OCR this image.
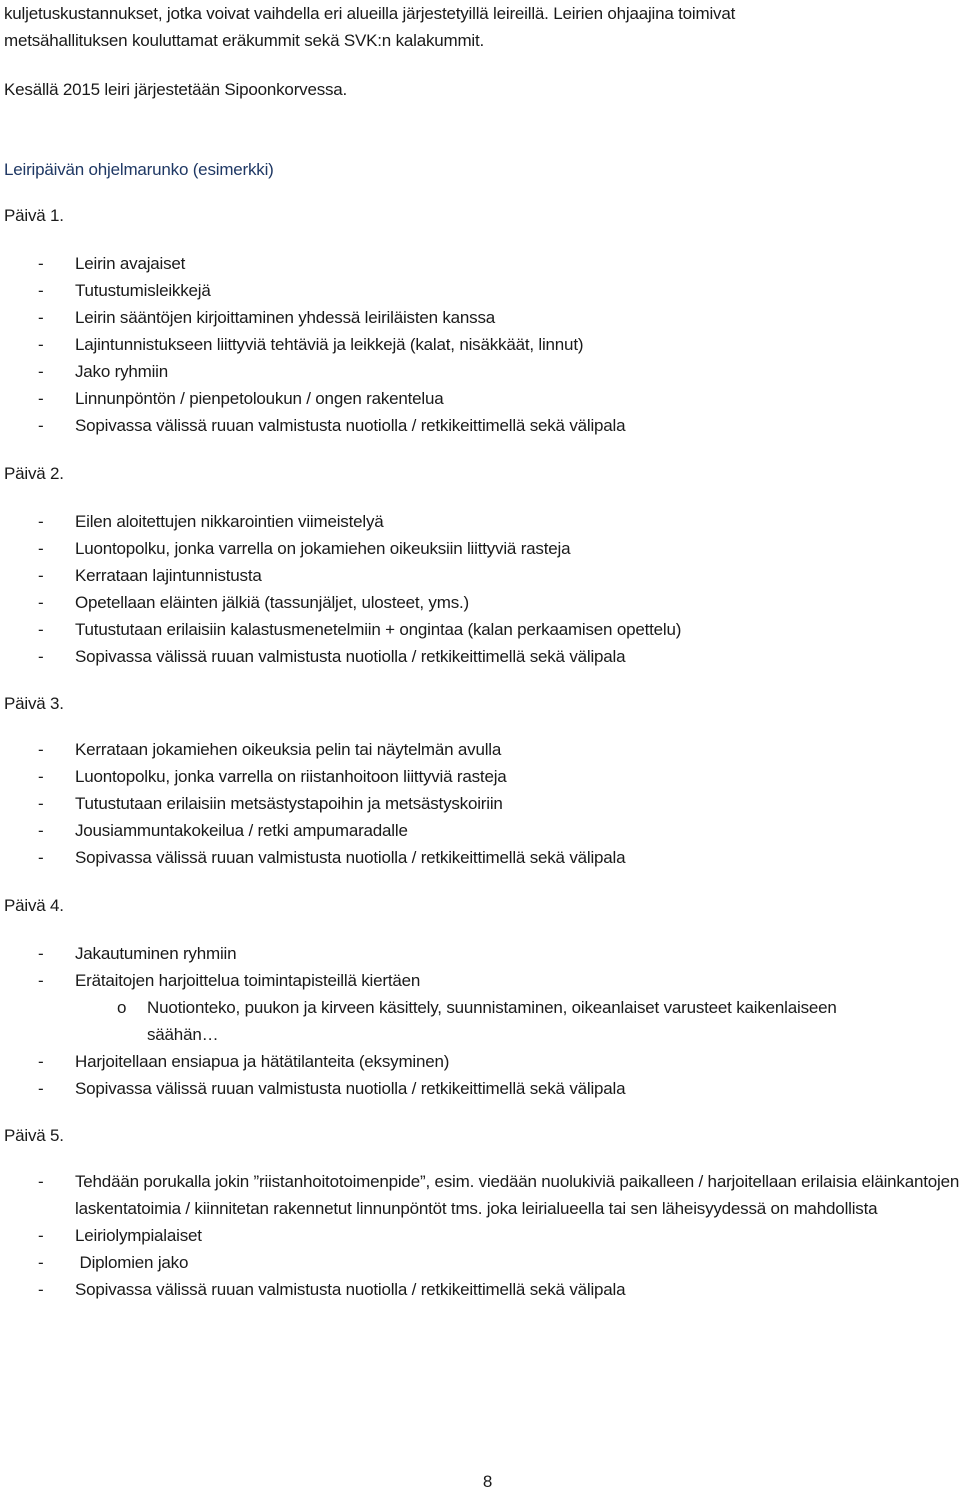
kuljetuskustannukset, jotka voivat vaihdella eri alueilla järjestetyillä leireillä. Leirien ohjaajina toimivat
metsähallituksen kouluttamat eräkummit sekä SVK:n kalakummit.
Kesällä 2015 leiri järjestetään Sipoonkorvessa.
Leiripäivän ohjelmarunko (esimerkki)
Päivä 1.
- Leirin avajaiset
- Tutustumisleikkejä
- Leirin sääntöjen kirjoittaminen yhdessä leiriläisten kanssa
- Lajintunnistukseen liittyviä tehtäviä ja leikkejä (kalat, nisäkkäät, linnut)
- Jako ryhmiin
- Linnunpöntön / pienpetoloukun / ongen rakentelua
- Sopivassa välissä ruuan valmistusta nuotiolla / retkikeittimellä sekä välipala
Päivä 2.
- Eilen aloitettujen nikkarointien viimeistelyä
- Luontopolku, jonka varrella on jokamiehen oikeuksiin liittyviä rasteja
- Kerrataan lajintunnistusta
- Opetellaan eläinten jälkiä (tassunjäljet, ulosteet, yms.)
- Tutustutaan erilaisiin kalastusmenetelmiin + ongintaa (kalan perkaamisen opettelu)
- Sopivassa välissä ruuan valmistusta nuotiolla / retkikeittimellä sekä välipala
Päivä 3.
- Kerrataan jokamiehen oikeuksia pelin tai näytelmän avulla
- Luontopolku, jonka varrella on riistanhoitoon liittyviä rasteja
- Tutustutaan erilaisiin metsästystapoihin ja metsästyskoiriin
- Jousiammuntakokeilua / retki ampumaradalle
- Sopivassa välissä ruuan valmistusta nuotiolla / retkikeittimellä sekä välipala
Päivä 4.
- Jakautuminen ryhmiin
- Erätaitojen harjoittelua toimintapisteillä kiertäen
o Nuotionteko, puukon ja kirveen käsittely, suunnistaminen, oikeanlaiset varusteet kaikenlaiseen säähän…
- Harjoitellaan ensiapua ja hätätilanteita (eksyminen)
- Sopivassa välissä ruuan valmistusta nuotiolla / retkikeittimellä sekä välipala
Päivä 5.
- Tehdään porukalla jokin ”riistanhoitotoimenpide”, esim. viedään nuolukiviä paikalleen / harjoitellaan erilaisia eläinkantojen laskentatoimia / kiinnitetan rakennetut linnunpöntöt tms. joka leirialueella tai sen läheisyydessä on mahdollista
- Leiriolympialaiset
- Diplomien jako
- Sopivassa välissä ruuan valmistusta nuotiolla / retkikeittimellä sekä välipala
8
